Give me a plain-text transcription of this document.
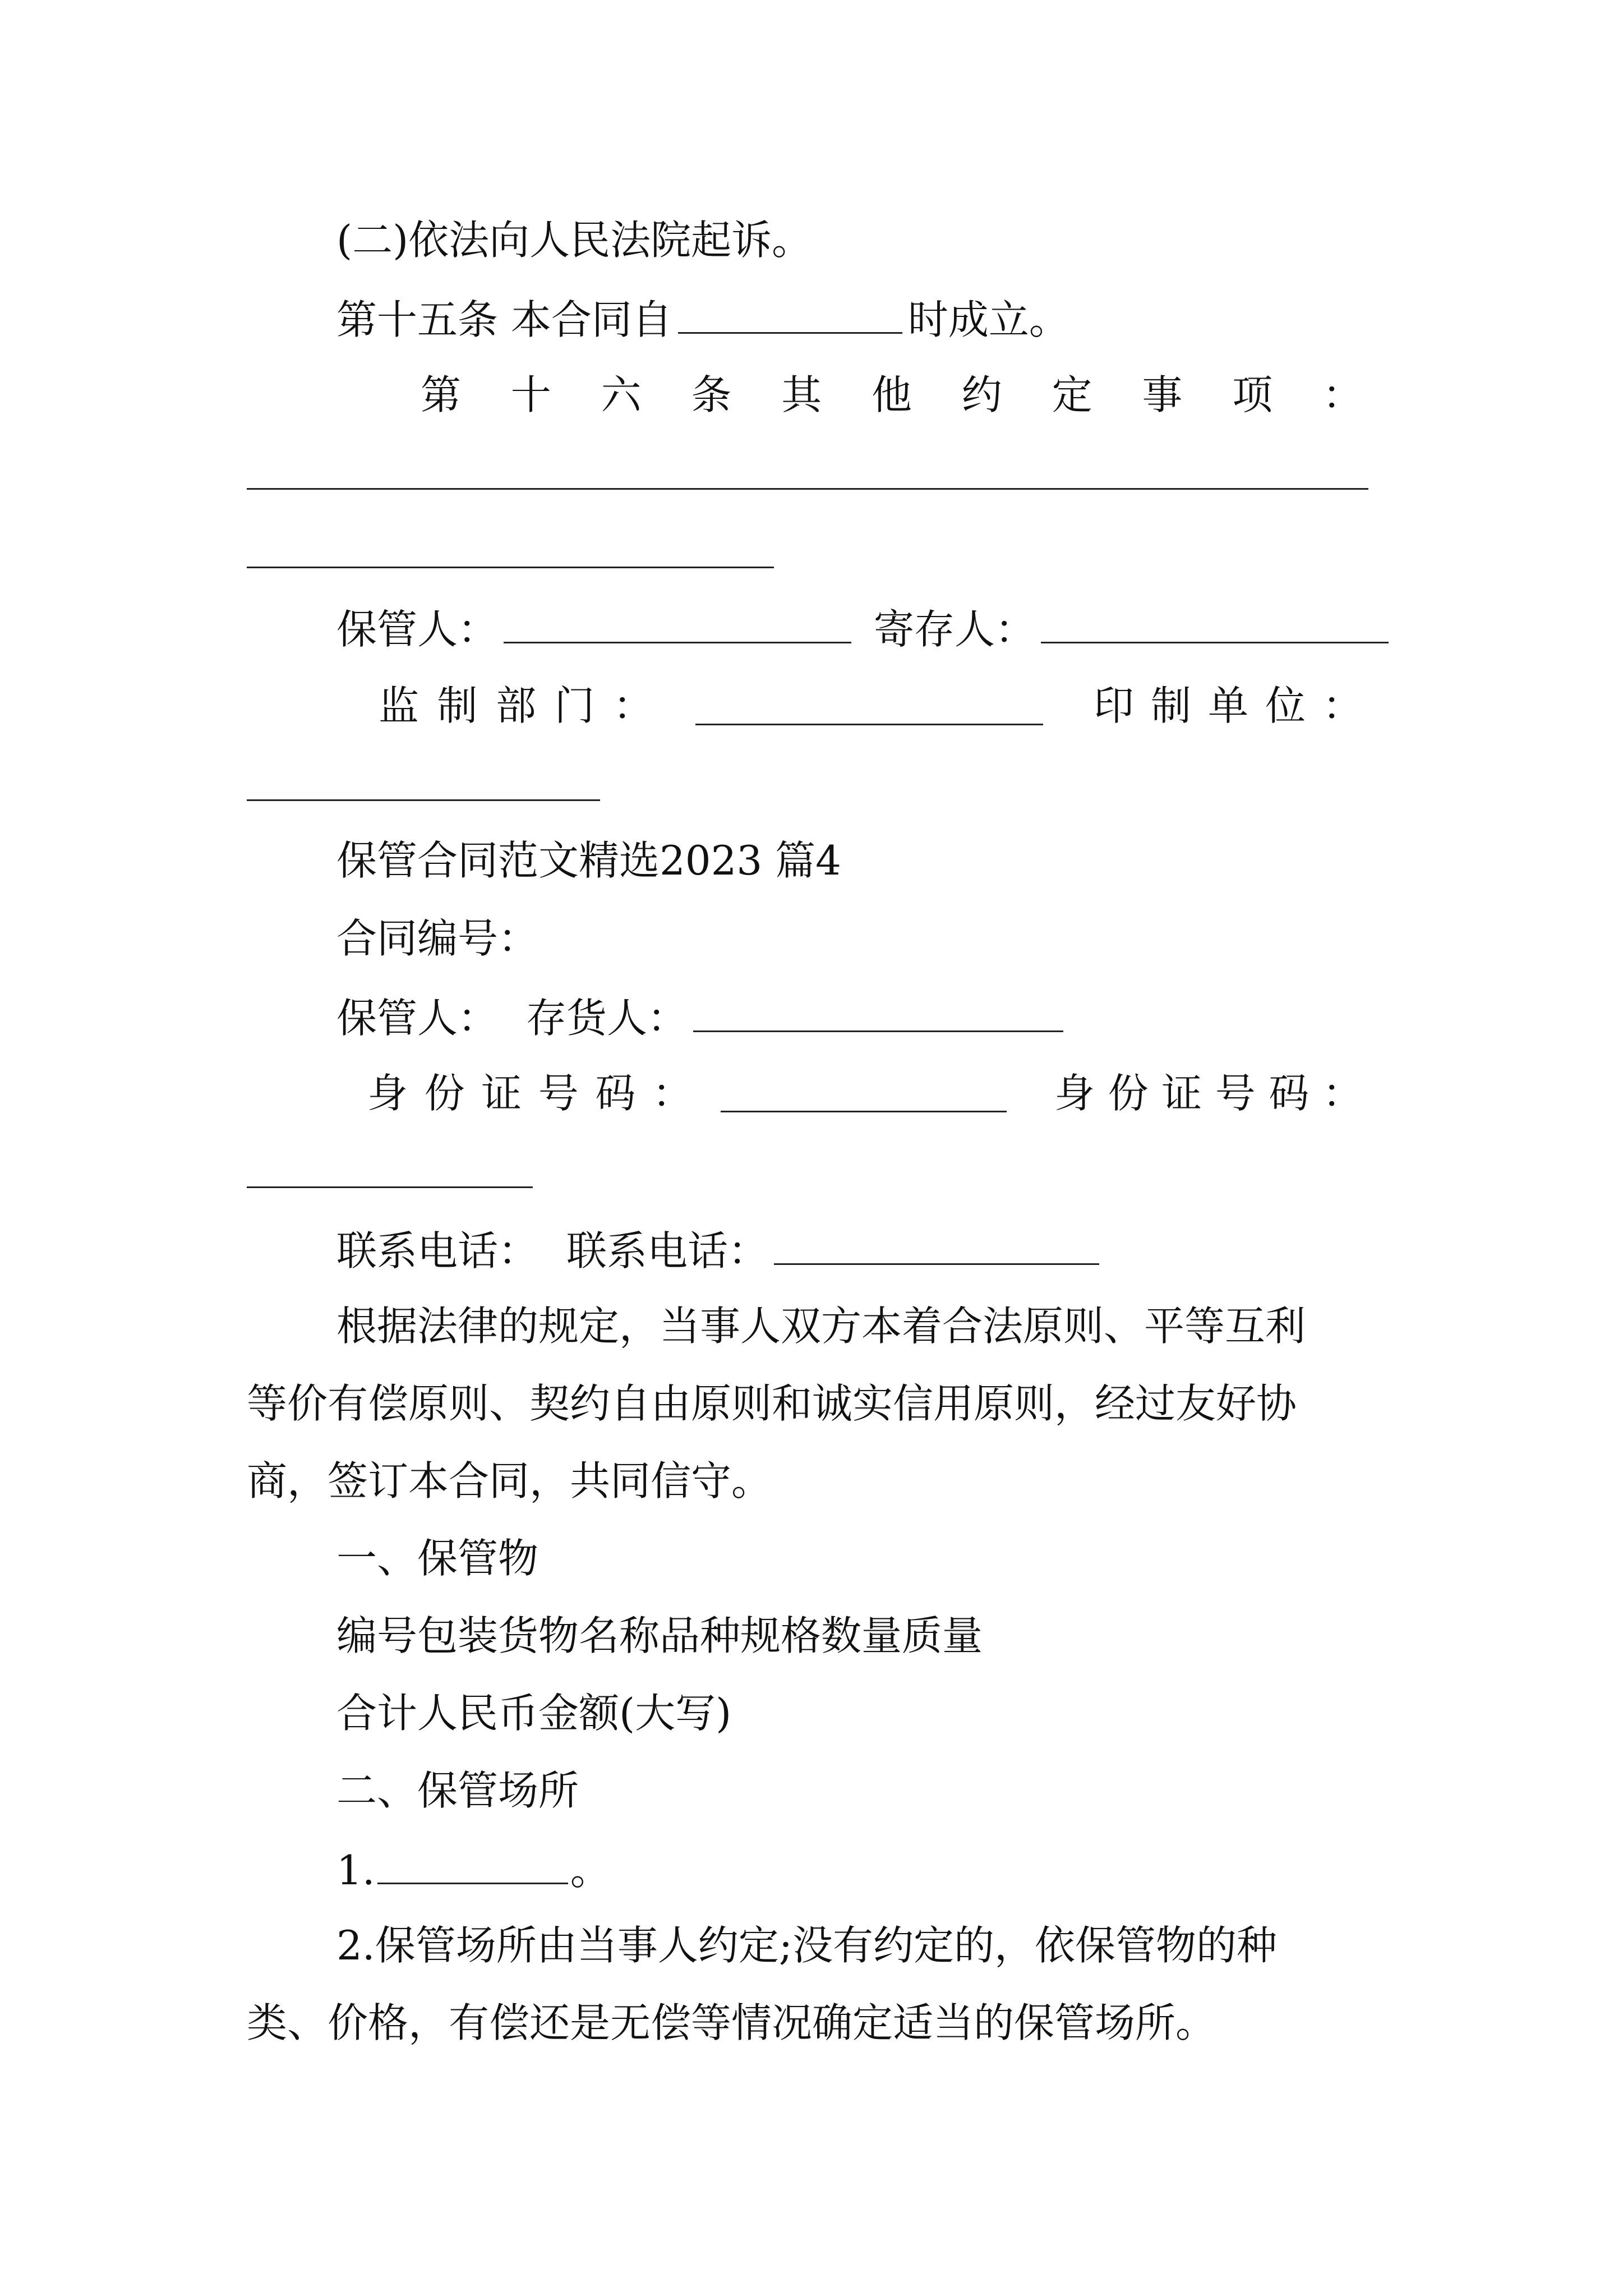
(二)依法向人民法院起诉。
第十五条 本合同自	时成立。
第 十 六 条 其 他 约 定 事 项 ：
保管人：	寄存人：
监 制 部 门 ：	印 制 单 位 ：
保管合同范文精选2023 篇4
合同编号：
保管人： 存货人：
身 份 证 号 码 ：	身 份 证 号 码 ：
联系电话： 联系电话：
根据法律的规定，当事人双方本着合法原则、平等互利
等价有偿原则、契约自由原则和诚实信用原则，经过友好协
商，签订本合同，共同信守。
一、保管物
编号包装货物名称品种规格数量质量
合计人民币金额(大写)
二、保管场所
1.	。
2.保管场所由当事人约定;没有约定的，依保管物的种
类、价格，有偿还是无偿等情况确定适当的保管场所。
